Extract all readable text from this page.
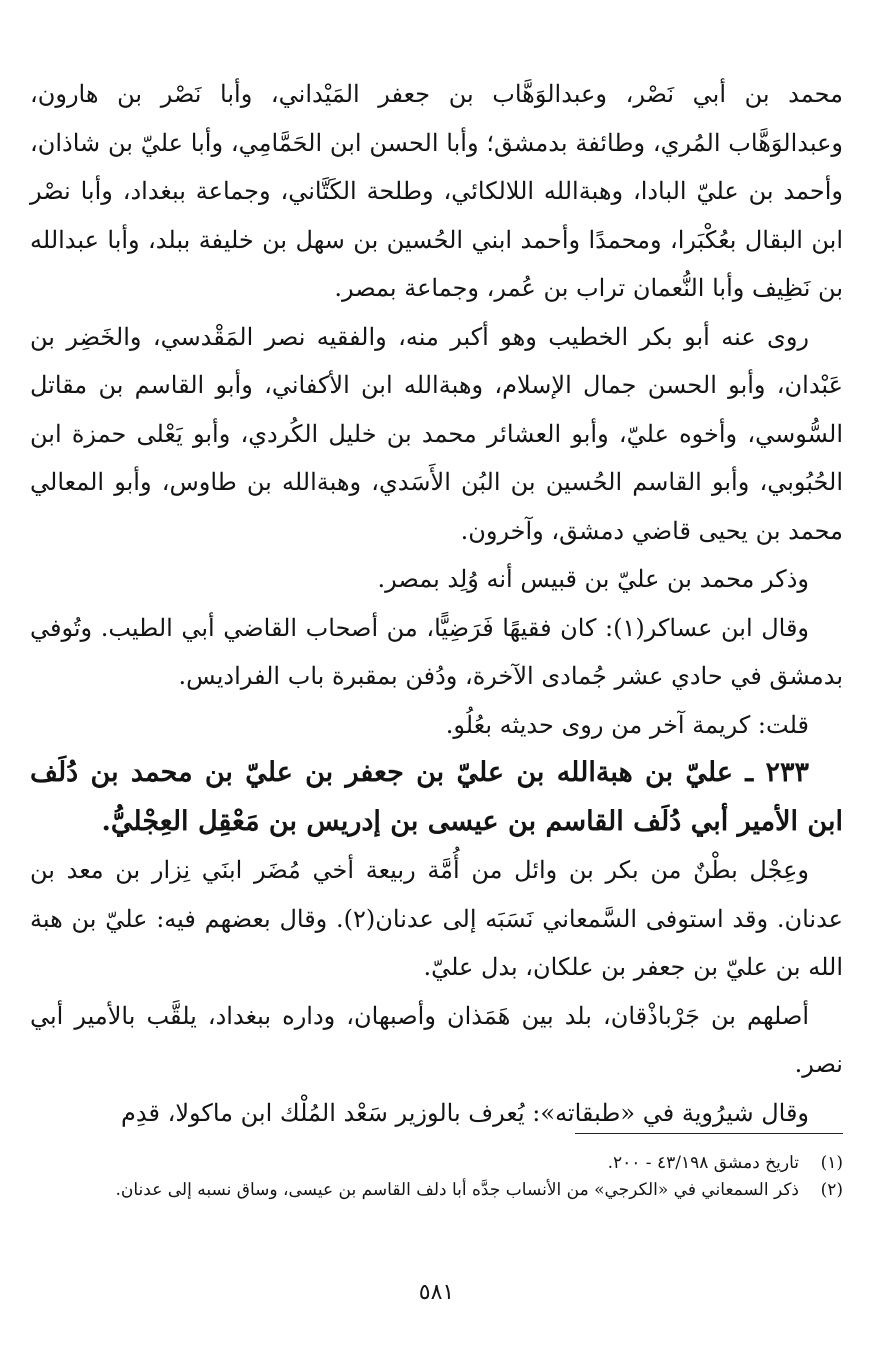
محمد بن أبي نَصْر، وعبدالوَهَّاب بن جعفر المَيْداني، وأبا نَصْر بن هارون، وعبدالوَهَّاب المُري، وطائفة بدمشق؛ وأبا الحسن ابن الحَمَّامِي، وأبا عليّ بن شاذان، وأحمد بن عليّ البادا، وهبةالله اللالكائي، وطلحة الكَتَّاني، وجماعة ببغداد، وأبا نصْر ابن البقال بعُكْبَرا، ومحمدًا وأحمد ابني الحُسين بن سهل بن خليفة ببلد، وأبا عبدالله بن نَظِيف وأبا النُّعمان تراب بن عُمر، وجماعة بمصر.

روى عنه أبو بكر الخطيب وهو أكبر منه، والفقيه نصر المَقْدسي، والخَضِر بن عَبْدان، وأبو الحسن جمال الإسلام، وهبةالله ابن الأكفاني، وأبو القاسم بن مقاتل السُّوسي، وأخوه عليّ، وأبو العشائر محمد بن خليل الكُردي، وأبو يَعْلى حمزة ابن الحُبُوبي، وأبو القاسم الحُسين بن البُن الأَسَدي، وهبةالله بن طاوس، وأبو المعالي محمد بن يحيى قاضي دمشق، وآخرون.

وذكر محمد بن عليّ بن قبيس أنه وُلِد بمصر.

وقال ابن عساكر(١): كان فقيهًا فَرَضِيًّا، من أصحاب القاضي أبي الطيب. وتُوفي بدمشق في حادي عشر جُمادى الآخرة، ودُفن بمقبرة باب الفراديس.

قلت: كريمة آخر من روى حديثه بعُلُو.

٢٣٣ ـ عليّ بن هبةالله بن عليّ بن جعفر بن عليّ بن محمد بن دُلَف ابن الأمير أبي دُلَف القاسم بن عيسى بن إدريس بن مَعْقِل العِجْليُّ.

وعِجْل بطْنٌ من بكر بن وائل من أُمَّة ربيعة أخي مُضَر ابنَي نِزار بن معد بن عدنان. وقد استوفى السَّمعاني نَسَبَه إلى عدنان(٢). وقال بعضهم فيه: عليّ بن هبة الله بن عليّ بن جعفر بن علكان، بدل عليّ.

أصلهم بن جَرْباذْقان، بلد بين هَمَذان وأصبهان، وداره ببغداد، يلقَّب بالأمير أبي نصر.

وقال شيرُوية في «طبقاته»: يُعرف بالوزير سَعْد المُلْك ابن ماكولا، قدِم

(١)
تاريخ دمشق ٤٣/١٩٨ - ٢٠٠.

(٢)
ذكر السمعاني في «الكرجي» من الأنساب جدَّه أبا دلف القاسم بن عيسى، وساق نسبه إلى عدنان.

٥٨١
